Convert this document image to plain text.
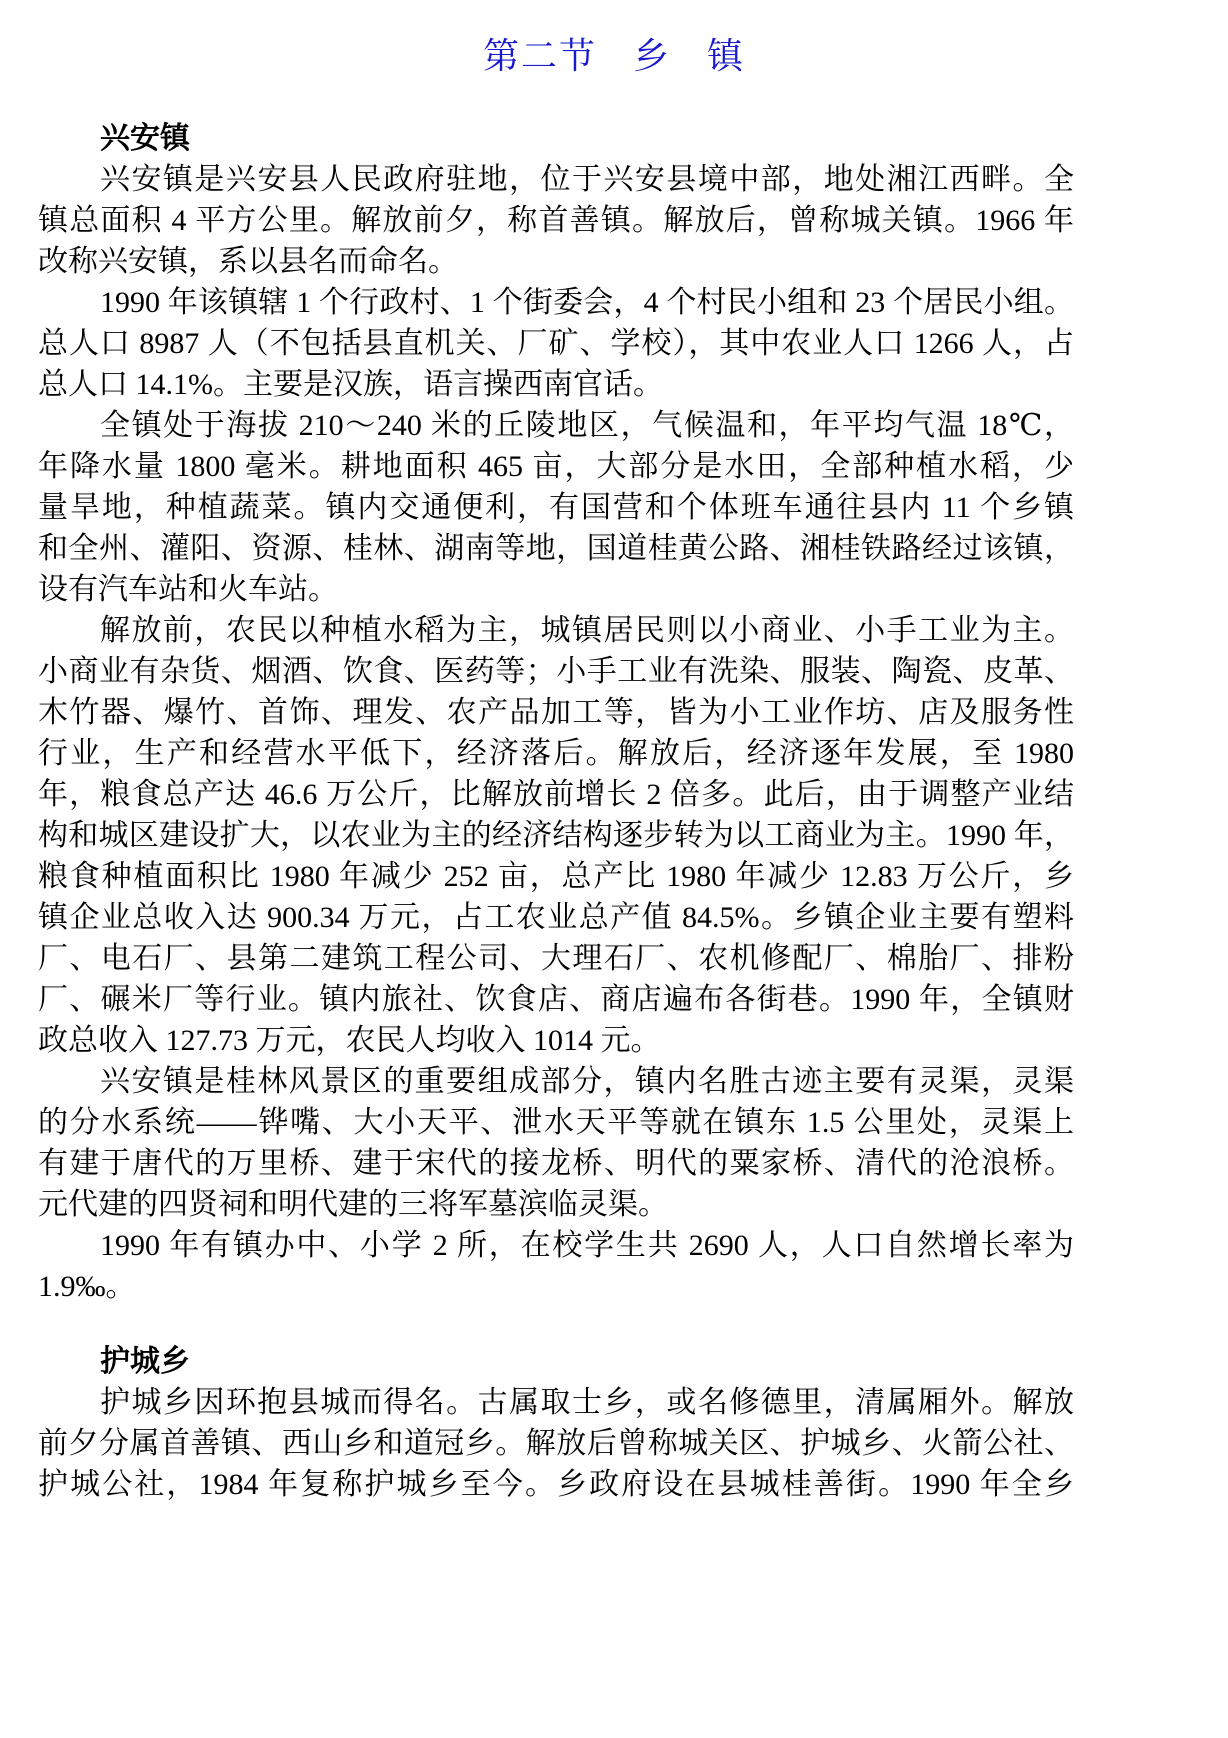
第二节 乡 镇
兴安镇
兴安镇是兴安县人民政府驻地，位于兴安县境中部，地处湘江西畔。全
镇总面积 4 平方公里。解放前夕，称首善镇。解放后，曾称城关镇。1966 年
改称兴安镇，系以县名而命名。
1990 年该镇辖 1 个行政村、1 个街委会，4 个村民小组和 23 个居民小组。
总人口 8987 人（不包括县直机关、厂矿、学校），其中农业人口 1266 人，占
总人口 14.1%。主要是汉族，语言操西南官话。
全镇处于海拔 210～240 米的丘陵地区，气候温和，年平均气温 18℃，
年降水量 1800 毫米。耕地面积 465 亩，大部分是水田，全部种植水稻，少
量旱地，种植蔬菜。镇内交通便利，有国营和个体班车通往县内 11 个乡镇
和全州、灌阳、资源、桂林、湖南等地，国道桂黄公路、湘桂铁路经过该镇，
设有汽车站和火车站。
解放前，农民以种植水稻为主，城镇居民则以小商业、小手工业为主。
小商业有杂货、烟酒、饮食、医药等；小手工业有洗染、服装、陶瓷、皮革、
木竹器、爆竹、首饰、理发、农产品加工等，皆为小工业作坊、店及服务性
行业，生产和经营水平低下，经济落后。解放后，经济逐年发展，至 1980
年，粮食总产达 46.6 万公斤，比解放前增长 2 倍多。此后，由于调整产业结
构和城区建设扩大，以农业为主的经济结构逐步转为以工商业为主。1990 年，
粮食种植面积比 1980 年减少 252 亩，总产比 1980 年减少 12.83 万公斤，乡
镇企业总收入达 900.34 万元，占工农业总产值 84.5%。乡镇企业主要有塑料
厂、电石厂、县第二建筑工程公司、大理石厂、农机修配厂、棉胎厂、排粉
厂、碾米厂等行业。镇内旅社、饮食店、商店遍布各街巷。1990 年，全镇财
政总收入 127.73 万元，农民人均收入 1014 元。
兴安镇是桂林风景区的重要组成部分，镇内名胜古迹主要有灵渠，灵渠
的分水系统——铧嘴、大小天平、泄水天平等就在镇东 1.5 公里处，灵渠上
有建于唐代的万里桥、建于宋代的接龙桥、明代的粟家桥、清代的沧浪桥。
元代建的四贤祠和明代建的三将军墓滨临灵渠。
1990 年有镇办中、小学 2 所，在校学生共 2690 人，人口自然增长率为
1.9‰。
护城乡
护城乡因环抱县城而得名。古属取士乡，或名修德里，清属厢外。解放
前夕分属首善镇、西山乡和道冠乡。解放后曾称城关区、护城乡、火箭公社、
护城公社，1984 年复称护城乡至今。乡政府设在县城桂善街。1990 年全乡
